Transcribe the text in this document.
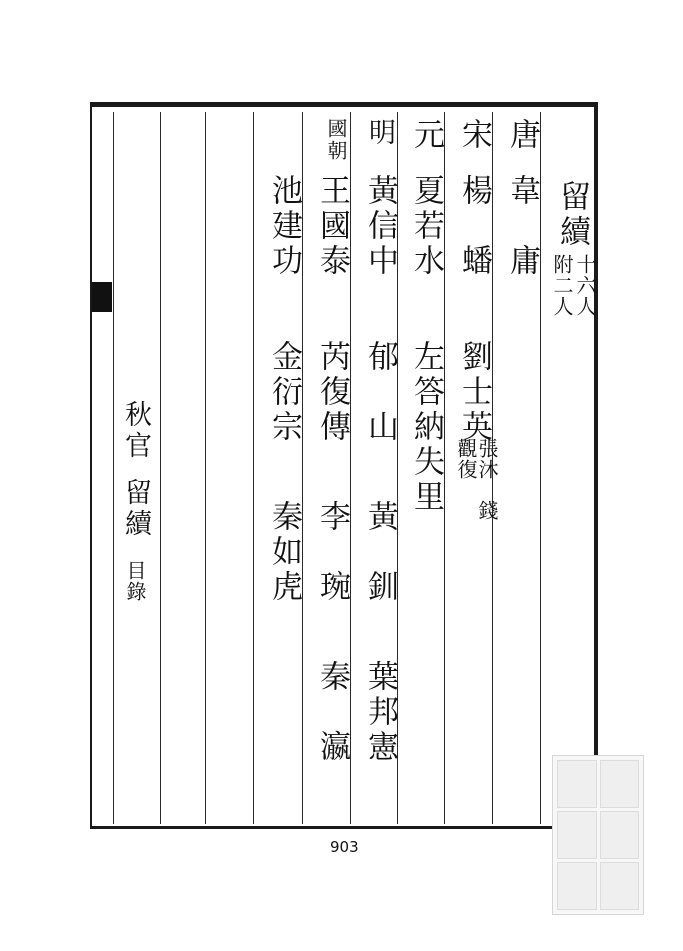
留續
十六人
附二人
唐
韋　庸
宋
楊　蟠
劉士英
張沐
觀復
錢
元
夏若水
左答納失里
明
黃信中
郁　山
黃　釧
葉邦憲
國朝
王國泰
芮復傳
李　琬
秦　瀛
池建功
金衍宗
秦如虎
秋官
留續
目錄
903
